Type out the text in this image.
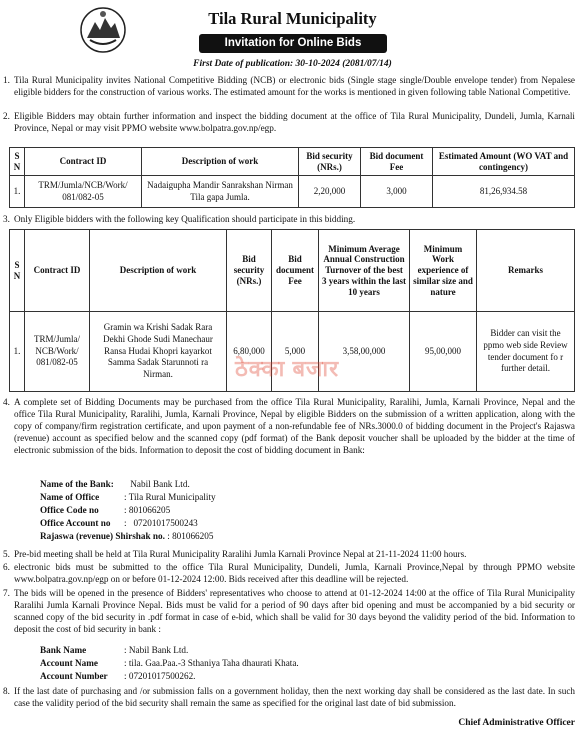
Tila Rural Municipality
Invitation for Online Bids
First Date of publication: 30-10-2024 (2081/07/14)
1. Tila Rural Municipality invites National Competitive Bidding (NCB) or electronic bids (Single stage single/Double envelope tender) from Nepalese eligible bidders for the construction of various works. The estimated amount for the works is mentioned in given following table National Competitive.
2. Eligible Bidders may obtain further information and inspect the bidding document at the office of Tila Rural Municipality, Dundeli, Jumla, Karnali Province, Nepal or may visit PPMO website www.bolpatra.gov.np/egp.
S N	Contract ID	Description of work	Bid security (NRs.)	Bid document Fee	Estimated Amount (WO VAT and contingency)
1.	TRM/Jumla/NCB/Work/ 081/082-05	Nadaiguphа Mandir Sanrakshan Nirman Tila gapa Jumla.	2,20,000	3,000	81,26,934.58
3. Only Eligible bidders with the following key Qualification should participate in this bidding.
S N	Contract ID	Description of work	Bid security (NRs.)	Bid document Fee	Minimum Average Annual Construction Turnover of the best 3 years within the last 10 years	Minimum Work experience of similar size and nature	Remarks
1.	TRM/Jumla/ NCB/Work/ 081/082-05	Gramin wa Krishi Sadak Rara Dekhi Ghode Sudi Manechaur Ransa Hudai Khopri kayarkot Samma Sadak Starunnoti ra Nirman.	6,80,000	5,000	3,58,00,000	95,00,000	Bidder can visit the ppmo web side Review tender document fo r further detail.
ठेक्का बजार
4. A complete set of Bidding Documents may be purchased from the office Tila Rural Municipality, Raralihi, Jumla, Karnali Province, Nepal and the office Tila Rural Municipality, Raralihi, Jumla, Karnali Province, Nepal by eligible Bidders on the submission of a written application, along with the copy of company/firm registration certificate, and upon payment of a non-refundable fee of NRs.3000.0 of bidding document in the Project's Rajaswa (revenue) account as specified below and the scanned copy (pdf format) of the Bank deposit voucher shall be uploaded by the bidder at the time of electronic submission of the bids. Information to deposit the cost of bidding document in Bank:
Name of the Bank: Nabil Bank Ltd.
Name of Office	: Tila Rural Municipality
Office Code no	: 801066205
Office Account no :   07201017500243
Rajaswa (revenue) Shirshak no. : 801066205
5. Pre-bid meeting shall be held at Tila Rural Municipality Raralihi Jumla Karnali Province Nepal at 21-11-2024 11:00 hours.
6. electronic bids must be submitted to the office Tila Rural Municipality, Dundeli, Jumla, Karnali Province,Nepal by through PPMO website www.bolpatra.gov.np/egp on or before 01-12-2024 12:00. Bids received after this deadline will be rejected.
7. The bids will be opened in the presence of Bidders' representatives who choose to attend at 01-12-2024 14:00 at the office of Tila Rural Municipality Raralihi Jumla Karnali Province Nepal. Bids must be valid for a period of 90 days after bid opening and must be accompanied by a bid security or scanned copy of the bid security in .pdf format in case of e-bid, which shall be valid for 30 days beyond the validity period of the bid. Information to deposit the cost of bid security in bank :
Bank Name	: Nabil Bank Ltd.
Account Name	: tila. Gaa.Paa.-3 Sthaniya Taha dhaurati Khata.
Account Number : 07201017500262.
8. If the last date of purchasing and /or submission falls on a government holiday, then the next working day shall be considered as the last date. In such case the validity period of the bid security shall remain the same as specified for the original last date of bid submission.
Chief Administrative Officer
